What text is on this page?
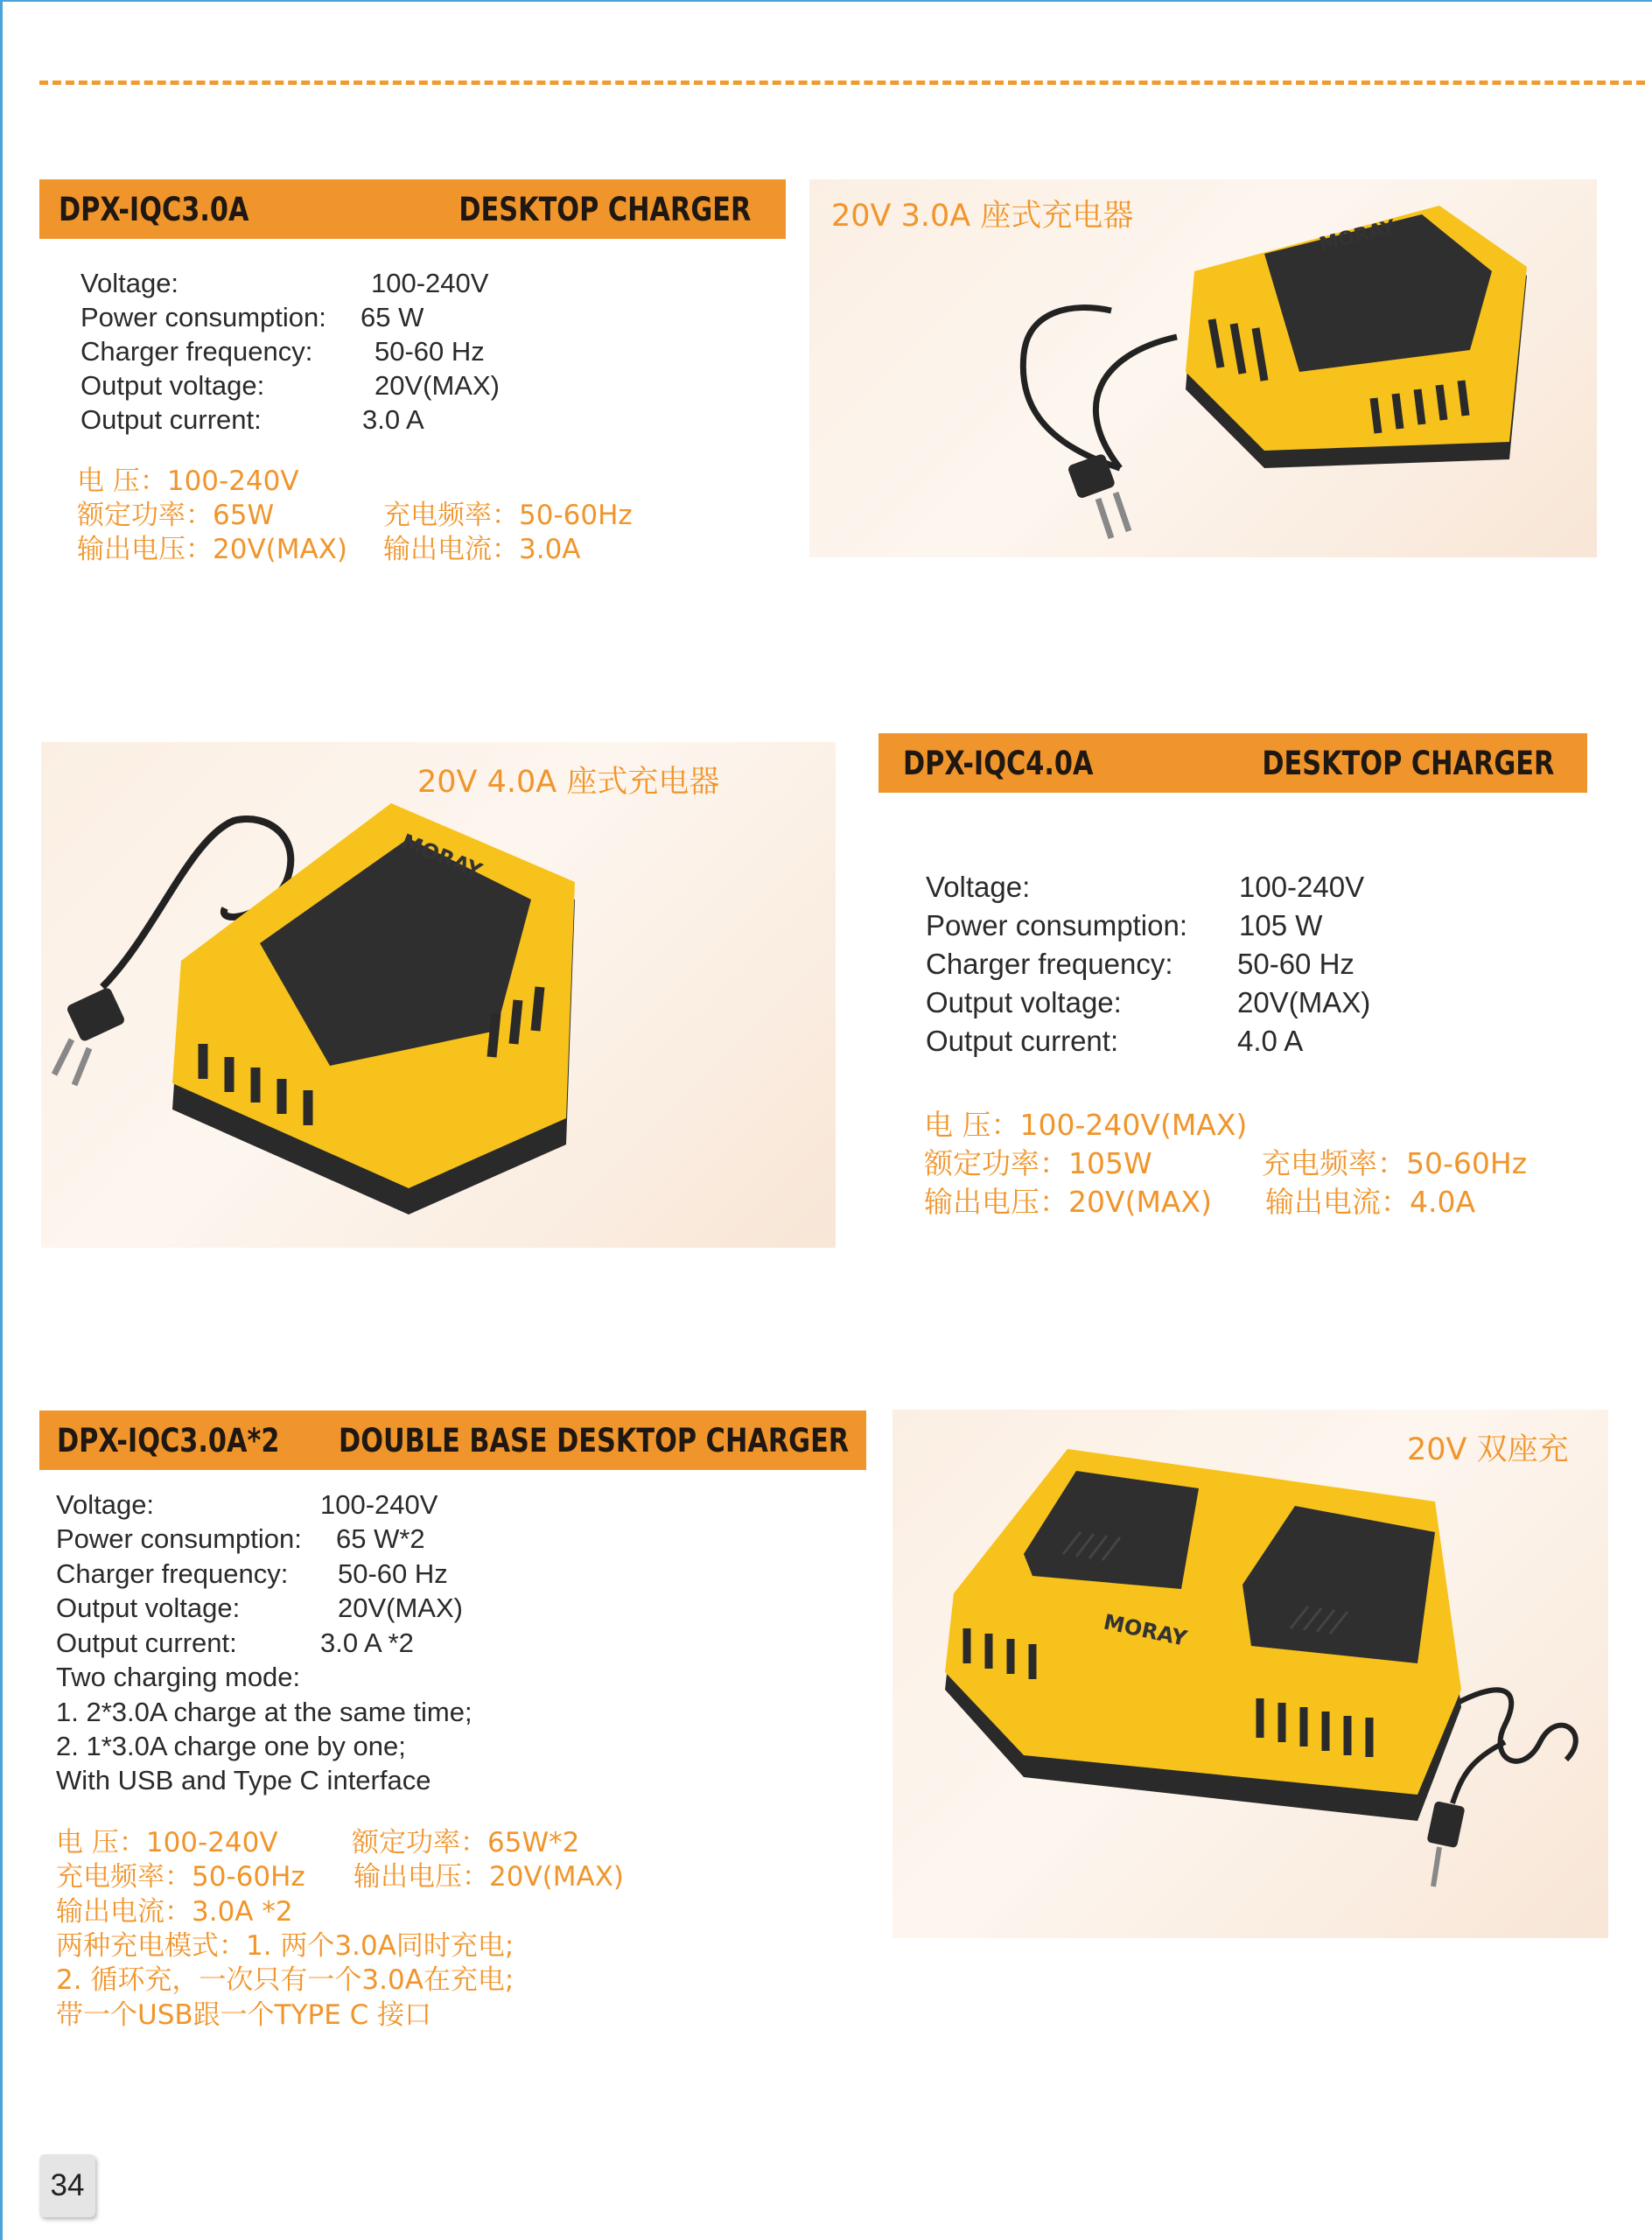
DPX-IQC3.0A	DESKTOP CHARGER
Voltage:	100-240V
Power consumption: 65 W
Charger frequency: 50-60 Hz
Output voltage:	20V(MAX)
Output current:	3.0 A
电 压：100-240V
额定功率：65W	充电频率：50-60Hz
输出电压：20V(MAX) 输出电流：3.0A
20V 3.0A 座式充电器
MORAY
20V 4.0A 座式充电器
MORAY
DPX-IQC4.0A	DESKTOP CHARGER
Voltage:	100-240V
Power consumption: 105 W
Charger frequency: 50-60 Hz
Output voltage:	20V(MAX)
Output current:	4.0 A
电 压：100-240V(MAX)
额定功率：105W	充电频率：50-60Hz
输出电压：20V(MAX) 输出电流：4.0A
DPX-IQC3.0A*2 DOUBLE BASE DESKTOP CHARGER
Voltage:	100-240V
Power consumption: 65 W*2
Charger frequency: 50-60 Hz
Output voltage:	20V(MAX)
Output current:	3.0 A *2
Two charging mode:
1. 2*3.0A charge at the same time;
2. 1*3.0A charge one by one;
With USB and Type C interface
电 压：100-240V	额定功率：65W*2
充电频率：50-60Hz 输出电压：20V(MAX)
输出电流：3.0A *2
两种充电模式：1. 两个3.0A同时充电;
2. 循环充，一次只有一个3.0A在充电;
带一个USB跟一个TYPE C 接口
20V 双座充
MORAY
34
